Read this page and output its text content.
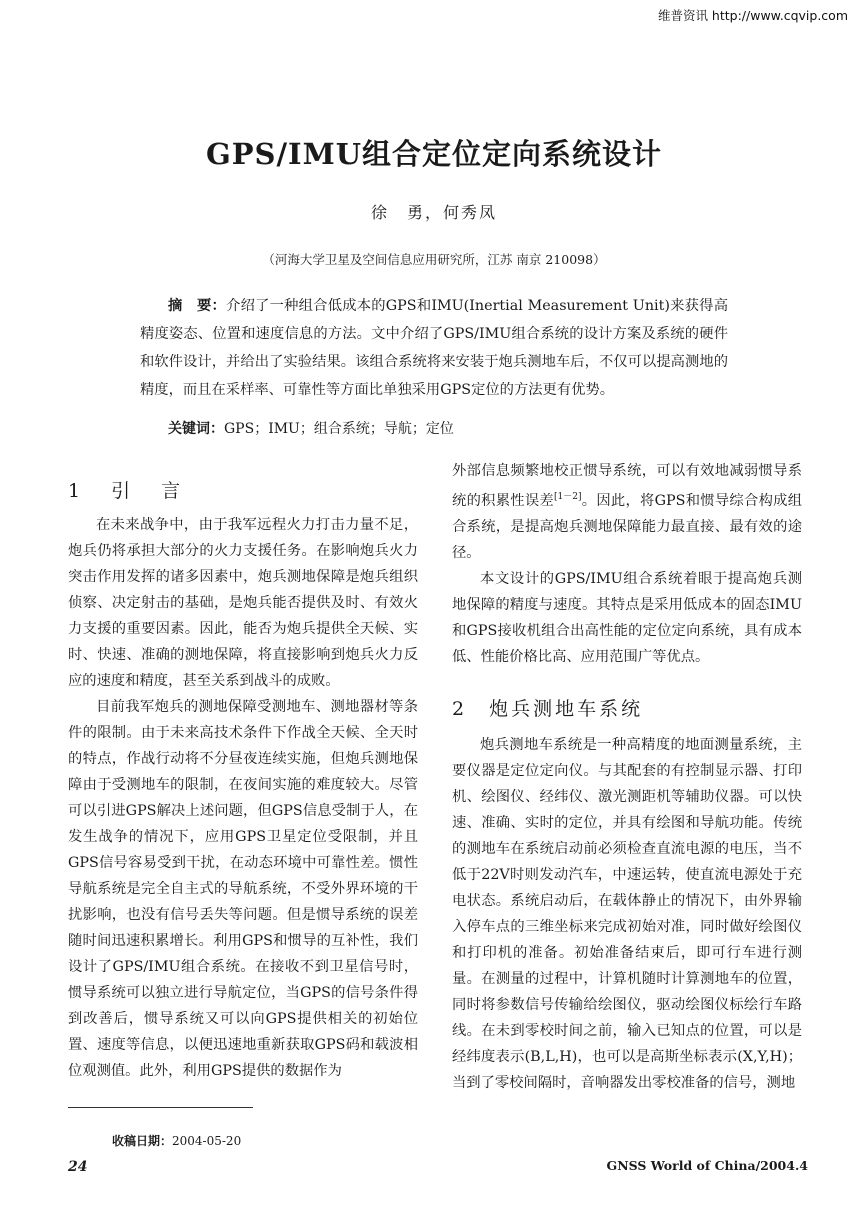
维普资讯 http://www.cqvip.com
GPS/IMU组合定位定向系统设计
徐　勇，何秀凤
（河海大学卫星及空间信息应用研究所，江苏 南京 210098）
摘　要：介绍了一种组合低成本的GPS和IMU(Inertial Measurement Unit)来获得高精度姿态、位置和速度信息的方法。文中介绍了GPS/IMU组合系统的设计方案及系统的硬件和软件设计，并给出了实验结果。该组合系统将来安装于炮兵测地车后，不仅可以提高测地的精度，而且在采样率、可靠性等方面比单独采用GPS定位的方法更有优势。
关键词：GPS；IMU；组合系统；导航；定位
1　引　言

在未来战争中，由于我军远程火力打击力量不足，炮兵仍将承担大部分的火力支援任务。在影响炮兵火力突击作用发挥的诸多因素中，炮兵测地保障是炮兵组织侦察、决定射击的基础，是炮兵能否提供及时、有效火力支援的重要因素。因此，能否为炮兵提供全天候、实时、快速、准确的测地保障，将直接影响到炮兵火力反应的速度和精度，甚至关系到战斗的成败。

目前我军炮兵的测地保障受测地车、测地器材等条件的限制。由于未来高技术条件下作战全天候、全天时的特点，作战行动将不分昼夜连续实施，但炮兵测地保障由于受测地车的限制，在夜间实施的难度较大。尽管可以引进GPS解决上述问题，但GPS信息受制于人，在发生战争的情况下，应用GPS卫星定位受限制，并且GPS信号容易受到干扰，在动态环境中可靠性差。惯性导航系统是完全自主式的导航系统，不受外界环境的干扰影响，也没有信号丢失等问题。但是惯导系统的误差随时间迅速积累增长。利用GPS和惯导的互补性，我们设计了GPS/IMU组合系统。在接收不到卫星信号时，惯导系统可以独立进行导航定位，当GPS的信号条件得到改善后，惯导系统又可以向GPS提供相关的初始位置、速度等信息，以便迅速地重新获取GPS码和载波相位观测值。此外，利用GPS提供的数据作为

外部信息频繁地校正惯导系统，可以有效地减弱惯导系统的积累性误差[1－2]。因此，将GPS和惯导综合构成组合系统，是提高炮兵测地保障能力最直接、最有效的途径。

本文设计的GPS/IMU组合系统着眼于提高炮兵测地保障的精度与速度。其特点是采用低成本的固态IMU和GPS接收机组合出高性能的定位定向系统，具有成本低、性能价格比高、应用范围广等优点。

2　炮兵测地车系统

炮兵测地车系统是一种高精度的地面测量系统，主要仪器是定位定向仪。与其配套的有控制显示器、打印机、绘图仪、经纬仪、激光测距机等辅助仪器。可以快速、准确、实时的定位，并具有绘图和导航功能。传统的测地车在系统启动前必须检查直流电源的电压，当不低于22V时则发动汽车，中速运转，使直流电源处于充电状态。系统启动后，在载体静止的情况下，由外界输入停车点的三维坐标来完成初始对准，同时做好绘图仪和打印机的准备。初始准备结束后，即可行车进行测量。在测量的过程中，计算机随时计算测地车的位置，同时将参数信号传输给绘图仪，驱动绘图仪标绘行车路线。在未到零校时间之前，输入已知点的位置，可以是经纬度表示(B,L,H)，也可以是高斯坐标表示(X,Y,H)；当到了零校间隔时，音响器发出零校准备的信号，测地

收稿日期：2004-05-20
24	GNSS World of China/2004.4
